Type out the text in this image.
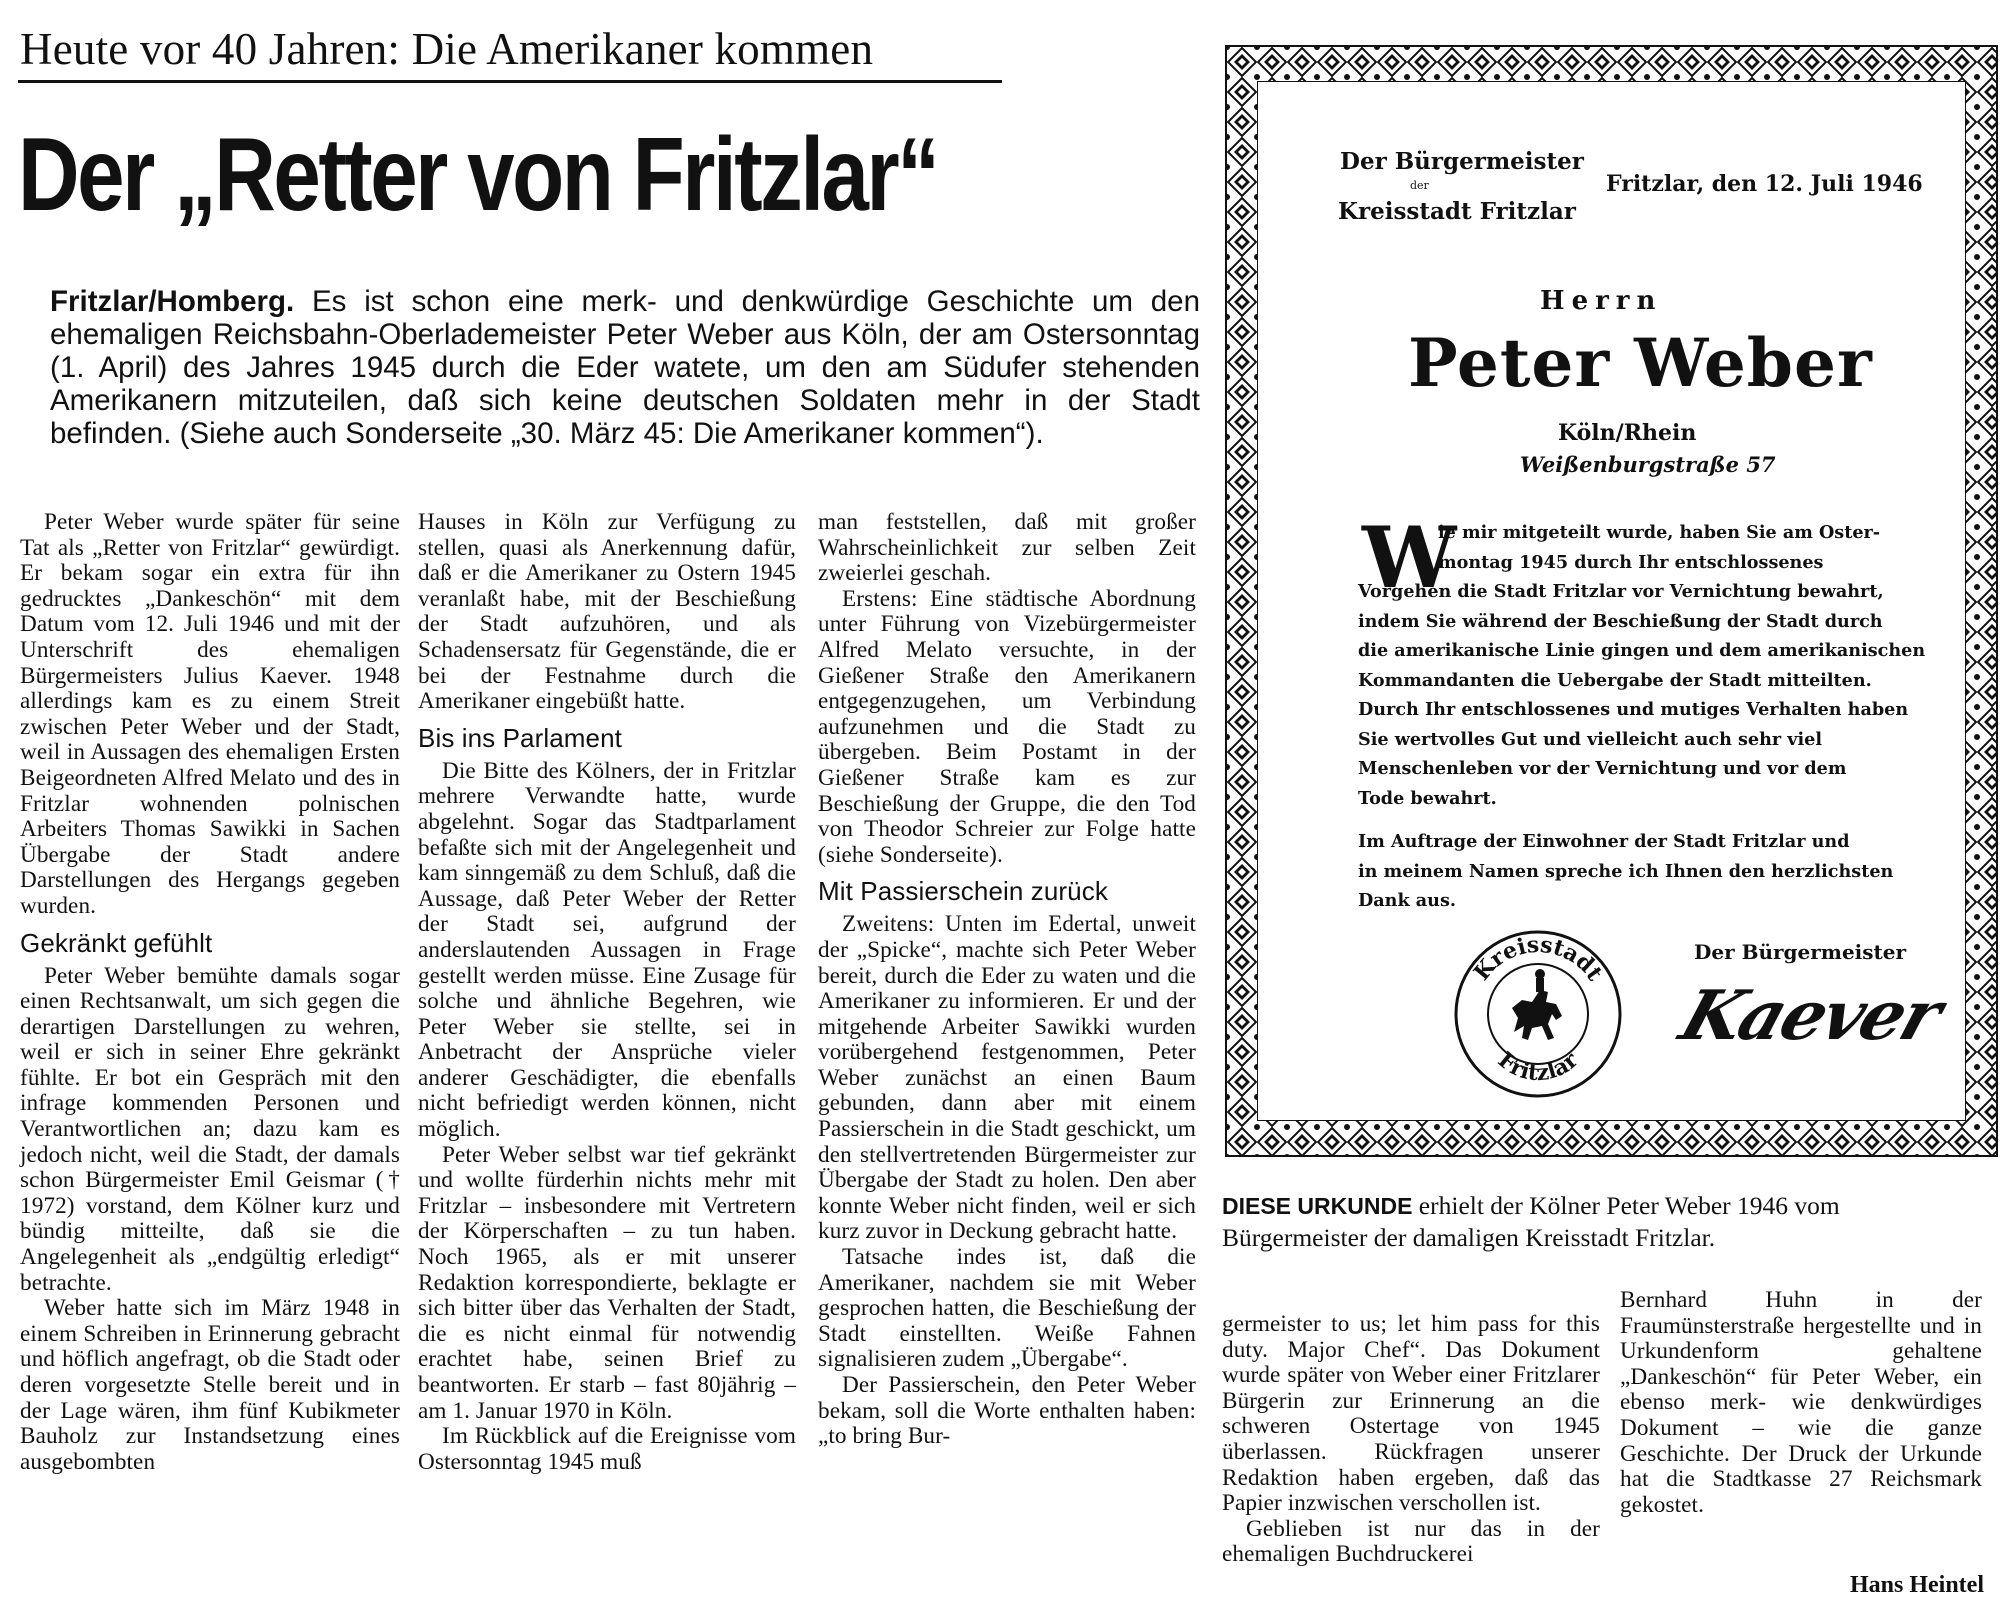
Heute vor 40 Jahren: Die Amerikaner kommen
Der „Retter von Fritzlar“
Fritzlar/Homberg. Es ist schon eine merk- und denkwürdige Geschichte um den ehemaligen Reichsbahn-Oberlademeister Peter Weber aus Köln, der am Ostersonntag (1. April) des Jahres 1945 durch die Eder watete, um den am Südufer stehenden Amerikanern mitzuteilen, daß sich keine deutschen Soldaten mehr in der Stadt befinden. (Siehe auch Sonderseite „30. März 45: Die Amerikaner kommen“).

Peter Weber wurde später für seine Tat als „Retter von Fritzlar“ gewürdigt. Er bekam sogar ein extra für ihn gedrucktes „Dankeschön“ mit dem Datum vom 12. Juli 1946 und mit der Unterschrift des ehemaligen Bürgermeisters Julius Kaever. 1948 allerdings kam es zu einem Streit zwischen Peter Weber und der Stadt, weil in Aussagen des ehemaligen Ersten Beigeordneten Alfred Melato und des in Fritzlar wohnenden polnischen Arbeiters Thomas Sawikki in Sachen Übergabe der Stadt andere Darstellungen des Hergangs gegeben wurden.

Gekränkt gefühlt

Peter Weber bemühte damals sogar einen Rechtsanwalt, um sich gegen die derartigen Darstellungen zu wehren, weil er sich in seiner Ehre gekränkt fühlte. Er bot ein Gespräch mit den infrage kommenden Personen und Verantwortlichen an; dazu kam es jedoch nicht, weil die Stadt, der damals schon Bürgermeister Emil Geismar († 1972) vorstand, dem Kölner kurz und bündig mitteilte, daß sie die Angelegenheit als „endgültig erledigt“ betrachte.

Weber hatte sich im März 1948 in einem Schreiben in Erinnerung gebracht und höflich angefragt, ob die Stadt oder deren vorgesetzte Stelle bereit und in der Lage wären, ihm fünf Kubikmeter Bauholz zur Instandsetzung eines ausgebombten

Hauses in Köln zur Verfügung zu stellen, quasi als Anerkennung dafür, daß er die Amerikaner zu Ostern 1945 veranlaßt habe, mit der Beschießung der Stadt aufzuhören, und als Schadensersatz für Gegenstände, die er bei der Festnahme durch die Amerikaner eingebüßt hatte.

Bis ins Parlament

Die Bitte des Kölners, der in Fritzlar mehrere Verwandte hatte, wurde abgelehnt. Sogar das Stadtparlament befaßte sich mit der Angelegenheit und kam sinngemäß zu dem Schluß, daß die Aussage, daß Peter Weber der Retter der Stadt sei, aufgrund der anderslautenden Aussagen in Frage gestellt werden müsse. Eine Zusage für solche und ähnliche Begehren, wie Peter Weber sie stellte, sei in Anbetracht der Ansprüche vieler anderer Geschädigter, die ebenfalls nicht befriedigt werden können, nicht möglich.

Peter Weber selbst war tief gekränkt und wollte fürderhin nichts mehr mit Fritzlar – insbesondere mit Vertretern der Körperschaften – zu tun haben. Noch 1965, als er mit unserer Redaktion korrespondierte, beklagte er sich bitter über das Verhalten der Stadt, die es nicht einmal für notwendig erachtet habe, seinen Brief zu beantworten. Er starb – fast 80jährig – am 1. Januar 1970 in Köln.

Im Rückblick auf die Ereignisse vom Ostersonntag 1945 muß

man feststellen, daß mit großer Wahrscheinlichkeit zur selben Zeit zweierlei geschah.

Erstens: Eine städtische Abordnung unter Führung von Vizebürgermeister Alfred Melato versuchte, in der Gießener Straße den Amerikanern entgegenzugehen, um Verbindung aufzunehmen und die Stadt zu übergeben. Beim Postamt in der Gießener Straße kam es zur Beschießung der Gruppe, die den Tod von Theodor Schreier zur Folge hatte (siehe Sonderseite).

Mit Passierschein zurück

Zweitens: Unten im Edertal, unweit der „Spicke“, machte sich Peter Weber bereit, durch die Eder zu waten und die Amerikaner zu informieren. Er und der mitgehende Arbeiter Sawikki wurden vorübergehend festgenommen, Peter Weber zunächst an einen Baum gebunden, dann aber mit einem Passierschein in die Stadt geschickt, um den stellvertretenden Bürgermeister zur Übergabe der Stadt zu holen. Den aber konnte Weber nicht finden, weil er sich kurz zuvor in Deckung gebracht hatte.

Tatsache indes ist, daß die Amerikaner, nachdem sie mit Weber gesprochen hatten, die Beschießung der Stadt einstellten. Weiße Fahnen signalisieren zudem „Übergabe“.

Der Passierschein, den Peter Weber bekam, soll die Worte enthalten haben: „to bring Bur-

Der Bürgermeister
der
Kreisstadt Fritzlar
Fritzlar, den 12. Juli 1946
Herrn
Peter Weber
Köln/Rhein
Weißenburgstraße 57
W
ie mir mitgeteilt wurde, haben Sie am Oster-
montag 1945 durch Ihr entschlossenes
Vorgehen die Stadt Fritzlar vor Vernichtung bewahrt,
indem Sie während der Beschießung der Stadt durch
die amerikanische Linie gingen und dem amerikanischen
Kommandanten die Uebergabe der Stadt mitteilten.
Durch Ihr entschlossenes und mutiges Verhalten haben
Sie wertvolles Gut und vielleicht auch sehr viel
Menschenleben vor der Vernichtung und vor dem
Tode bewahrt.
Im Auftrage der Einwohner der Stadt Fritzlar und
in meinem Namen spreche ich Ihnen den herzlichsten
Dank aus.
Der Bürgermeister
Kaever
Kreisstadt
Fritzlar
DIESE URKUNDE erhielt der Kölner Peter Weber 1946 vom Bürgermeister der damaligen Kreisstadt Fritzlar.

germeister to us; let him pass for this duty. Major Chef“. Das Dokument wurde später von Weber einer Fritzlarer Bürgerin zur Erinnerung an die schweren Ostertage von 1945 überlassen. Rückfragen unserer Redaktion haben ergeben, daß das Papier inzwischen verschollen ist.

Geblieben ist nur das in der ehemaligen Buchdruckerei

Bernhard Huhn in der Fraumünsterstraße hergestellte und in Urkundenform gehaltene „Dankeschön“ für Peter Weber, ein ebenso merk- wie denkwürdiges Dokument – wie die ganze Geschichte. Der Druck der Urkunde hat die Stadtkasse 27 Reichsmark gekostet.

Hans Heintel
